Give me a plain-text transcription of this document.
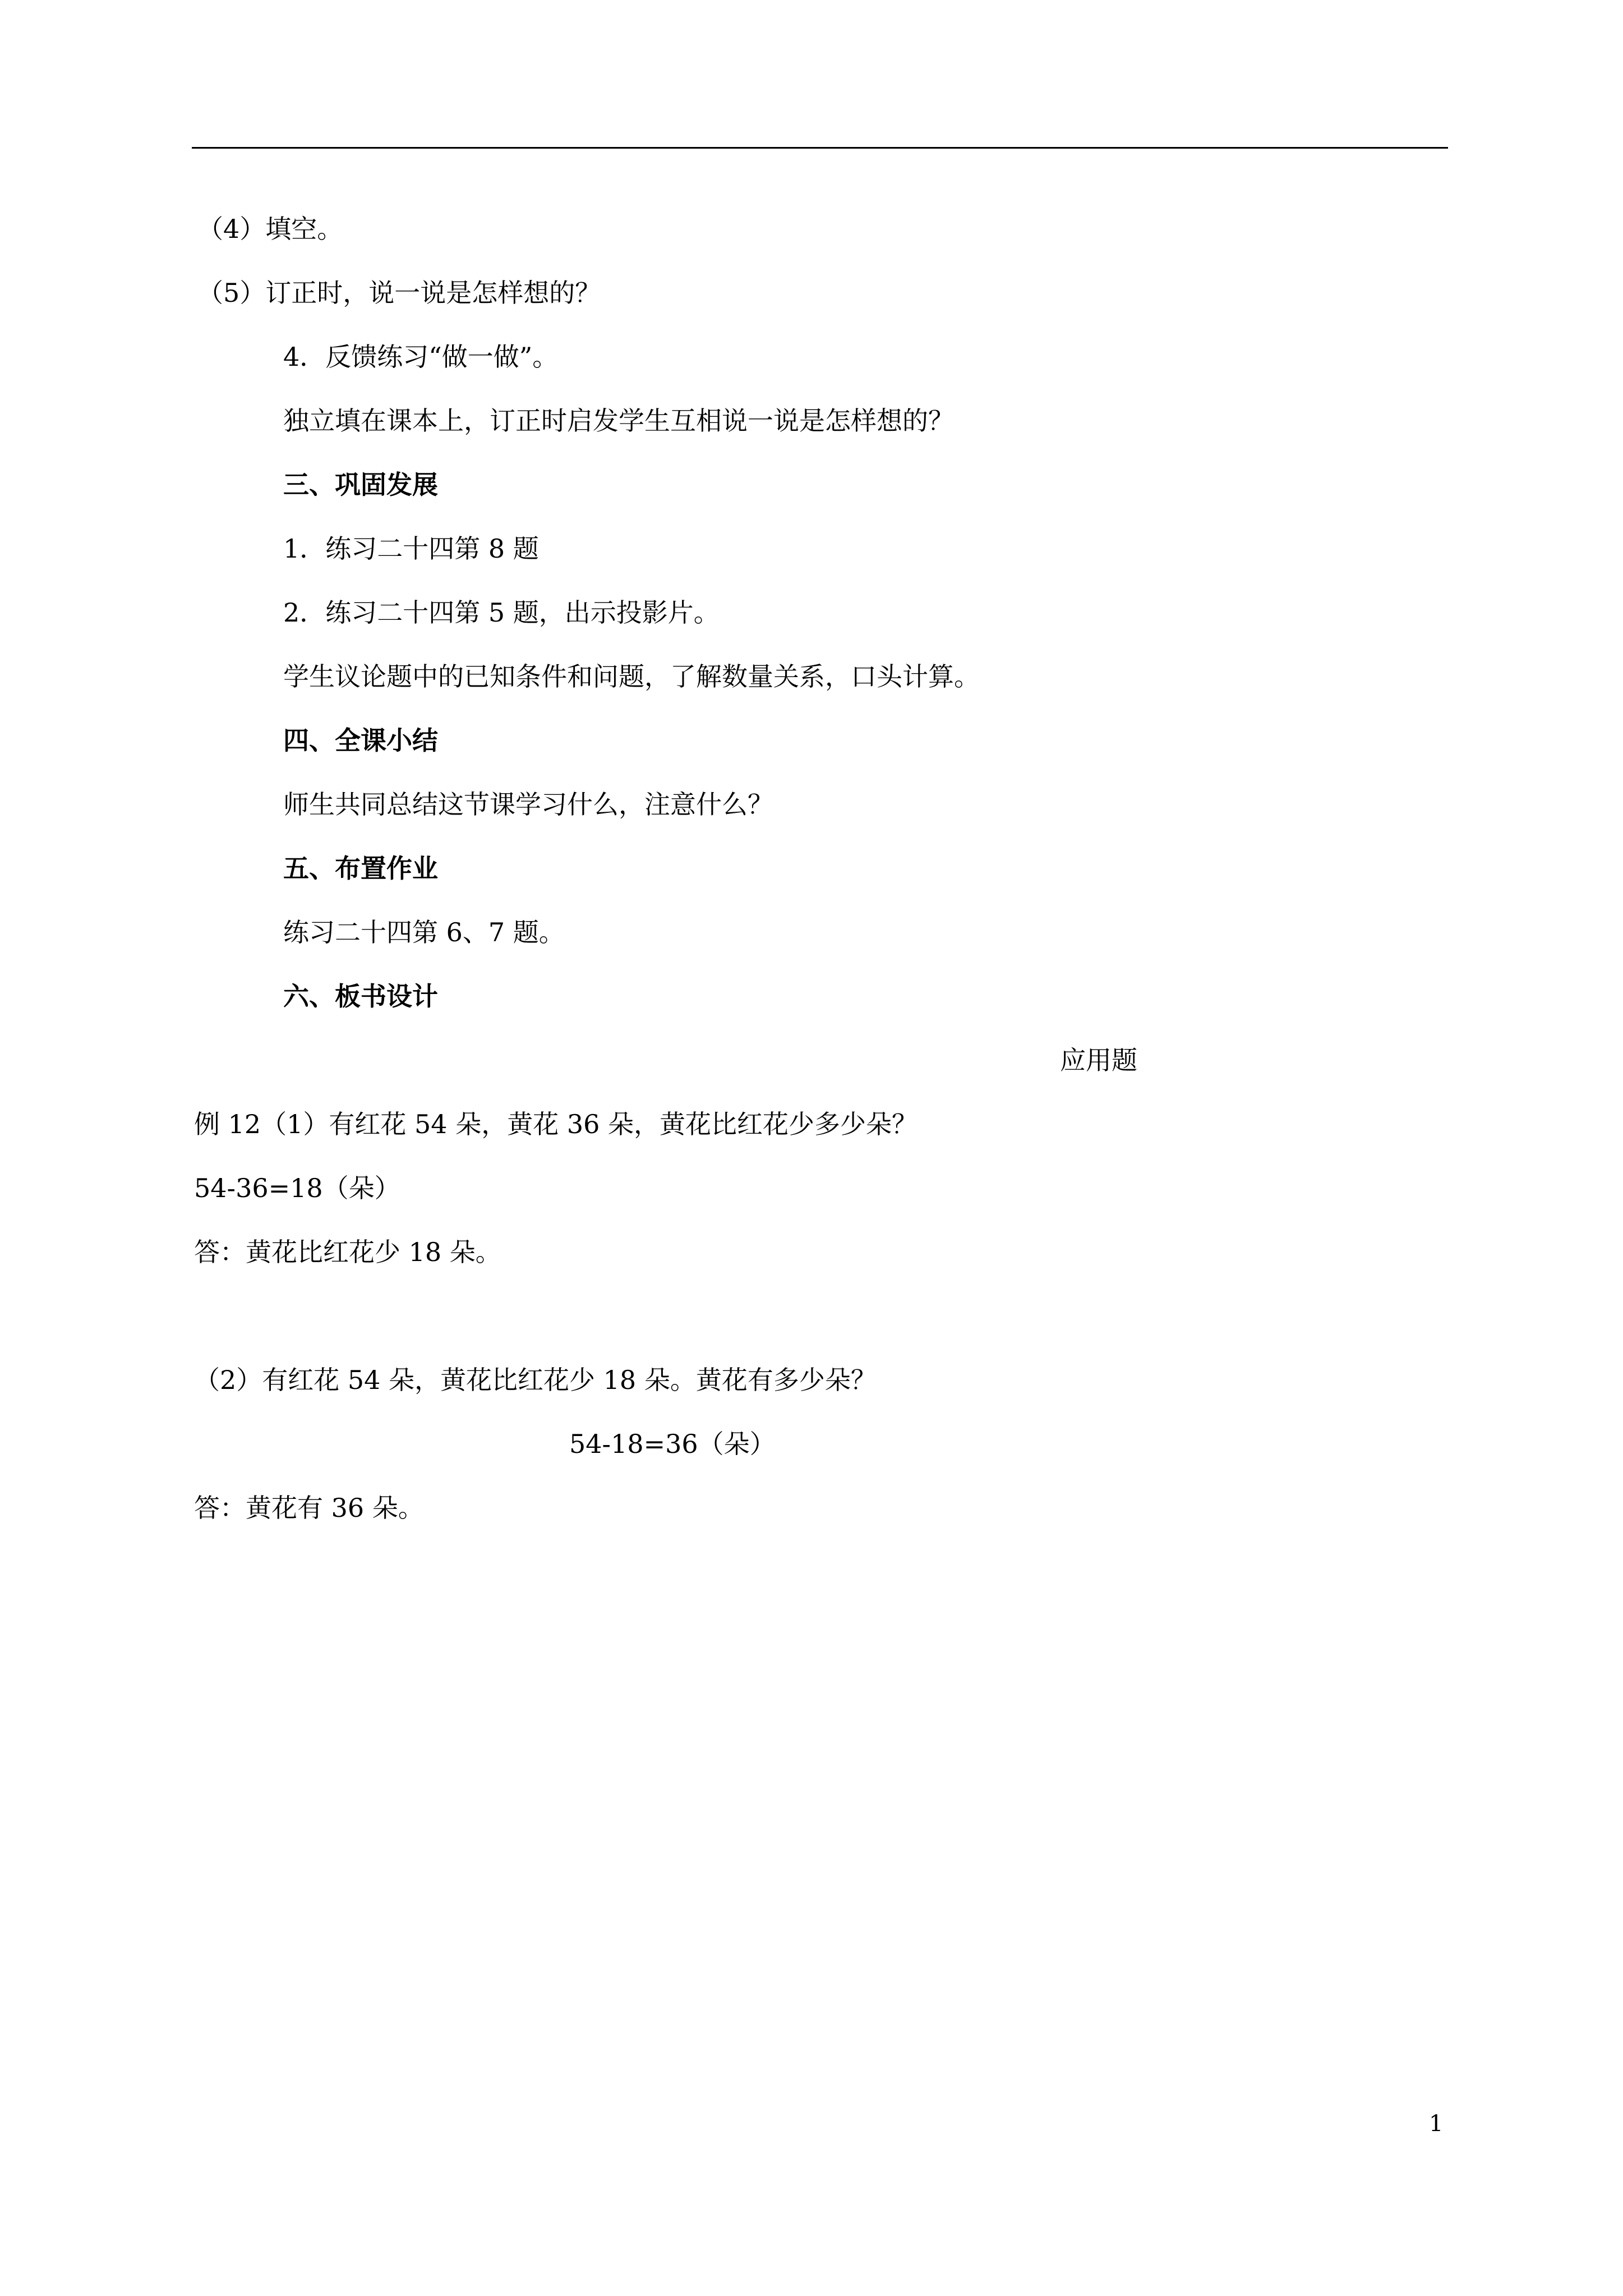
（4）填空。
（5）订正时，说一说是怎样想的？
4．反馈练习“做一做”。
独立填在课本上，订正时启发学生互相说一说是怎样想的？
三、巩固发展
1．练习二十四第 8 题
2．练习二十四第 5 题，出示投影片。
学生议论题中的已知条件和问题，了解数量关系，口头计算。
四、全课小结
师生共同总结这节课学习什么，注意什么？
五、布置作业
练习二十四第 6、7 题。
六、板书设计
应用题
例 12（1）有红花 54 朵，黄花 36 朵，黄花比红花少多少朵？
54-36=18（朵）
答：黄花比红花少 18 朵。
（2）有红花 54 朵，黄花比红花少 18 朵。黄花有多少朵？
54-18=36（朵）
答：黄花有 36 朵。
1
